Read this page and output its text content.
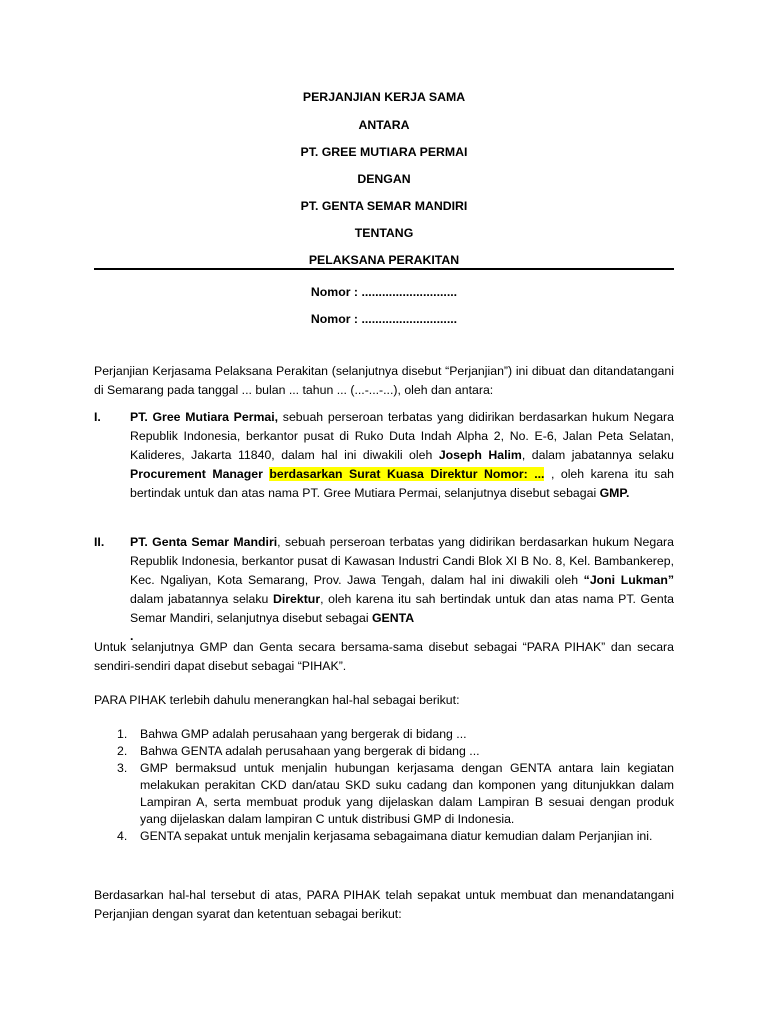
PERJANJIAN KERJA SAMA

ANTARA

PT. GREE MUTIARA PERMAI

DENGAN

PT. GENTA SEMAR MANDIRI

TENTANG

PELAKSANA PERAKITAN

Nomor : ............................

Nomor : ............................

Perjanjian Kerjasama Pelaksana Perakitan (selanjutnya disebut “Perjanjian”) ini dibuat dan ditandatangani di Semarang pada tanggal ... bulan ... tahun ... (...-...-...), oleh dan antara:

I. PT. Gree Mutiara Permai, sebuah perseroan terbatas yang didirikan berdasarkan hukum Negara Republik Indonesia, berkantor pusat di Ruko Duta Indah Alpha 2, No. E-6, Jalan Peta Selatan, Kalideres, Jakarta 11840, dalam hal ini diwakili oleh Joseph Halim, dalam jabatannya selaku Procurement Manager berdasarkan Surat Kuasa Direktur Nomor: ... , oleh karena itu sah bertindak untuk dan atas nama PT. Gree Mutiara Permai, selanjutnya disebut sebagai GMP.

II. PT. Genta Semar Mandiri, sebuah perseroan terbatas yang didirikan berdasarkan hukum Negara Republik Indonesia, berkantor pusat di Kawasan Industri Candi Blok XI B No. 8, Kel. Bambankerep, Kec. Ngaliyan, Kota Semarang, Prov. Jawa Tengah, dalam hal ini diwakili oleh “Joni Lukman” dalam jabatannya selaku Direktur, oleh karena itu sah bertindak untuk dan atas nama PT. Genta Semar Mandiri, selanjutnya disebut sebagai GENTA

.

Untuk selanjutnya GMP dan Genta secara bersama-sama disebut sebagai “PARA PIHAK” dan secara sendiri-sendiri dapat disebut sebagai “PIHAK”.

PARA PIHAK terlebih dahulu menerangkan hal-hal sebagai berikut:

1. Bahwa GMP adalah perusahaan yang bergerak di bidang ...
2. Bahwa GENTA adalah perusahaan yang bergerak di bidang ...
3. GMP bermaksud untuk menjalin hubungan kerjasama dengan GENTA antara lain kegiatan melakukan perakitan CKD dan/atau SKD suku cadang dan komponen yang ditunjukkan dalam Lampiran A, serta membuat produk yang dijelaskan dalam Lampiran B sesuai dengan produk yang dijelaskan dalam lampiran C untuk distribusi GMP di Indonesia.
4. GENTA sepakat untuk menjalin kerjasama sebagaimana diatur kemudian dalam Perjanjian ini.

Berdasarkan hal-hal tersebut di atas, PARA PIHAK telah sepakat untuk membuat dan menandatangani Perjanjian dengan syarat dan ketentuan sebagai berikut:
